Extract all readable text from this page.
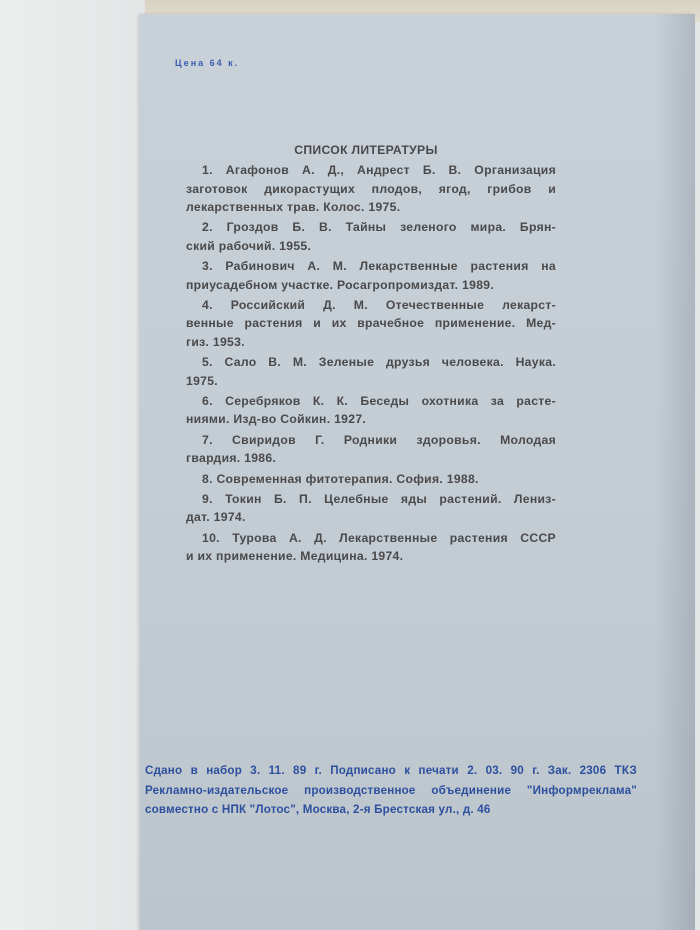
Цена 64 к.
СПИСОК ЛИТЕРАТУРЫ
1. Агафонов А. Д., Андрест Б. В. Организация
заготовок дикорастущих плодов, ягод, грибов и
лекарственных трав. Колос. 1975.
2. Гроздов Б. В. Тайны зеленого мира. Брян-
ский рабочий. 1955.
3. Рабинович А. М. Лекарственные растения на
приусадебном участке. Росагропромиздат. 1989.
4. Российский Д. М. Отечественные лекарст-
венные растения и их врачебное применение. Мед-
гиз. 1953.
5. Сало В. М. Зеленые друзья человека. Наука.
1975.
6. Серебряков К. К. Беседы охотника за расте-
ниями. Изд-во Сойкин. 1927.
7. Свиридов Г. Родники здоровья. Молодая
гвардия. 1986.
8. Современная фитотерапия. София. 1988.
9. Токин Б. П. Целебные яды растений. Лениз-
дат. 1974.
10. Турова А. Д. Лекарственные растения СССР
и их применение. Медицина. 1974.
Сдано в набор 3. 11. 89 г. Подписано к печати 2. 03. 90 г. Зак. 2306 ТКЗ
Рекламно-издательское производственное объединение "Информреклама"
совместно с НПК "Лотос", Москва, 2-я Брестская ул., д. 46
